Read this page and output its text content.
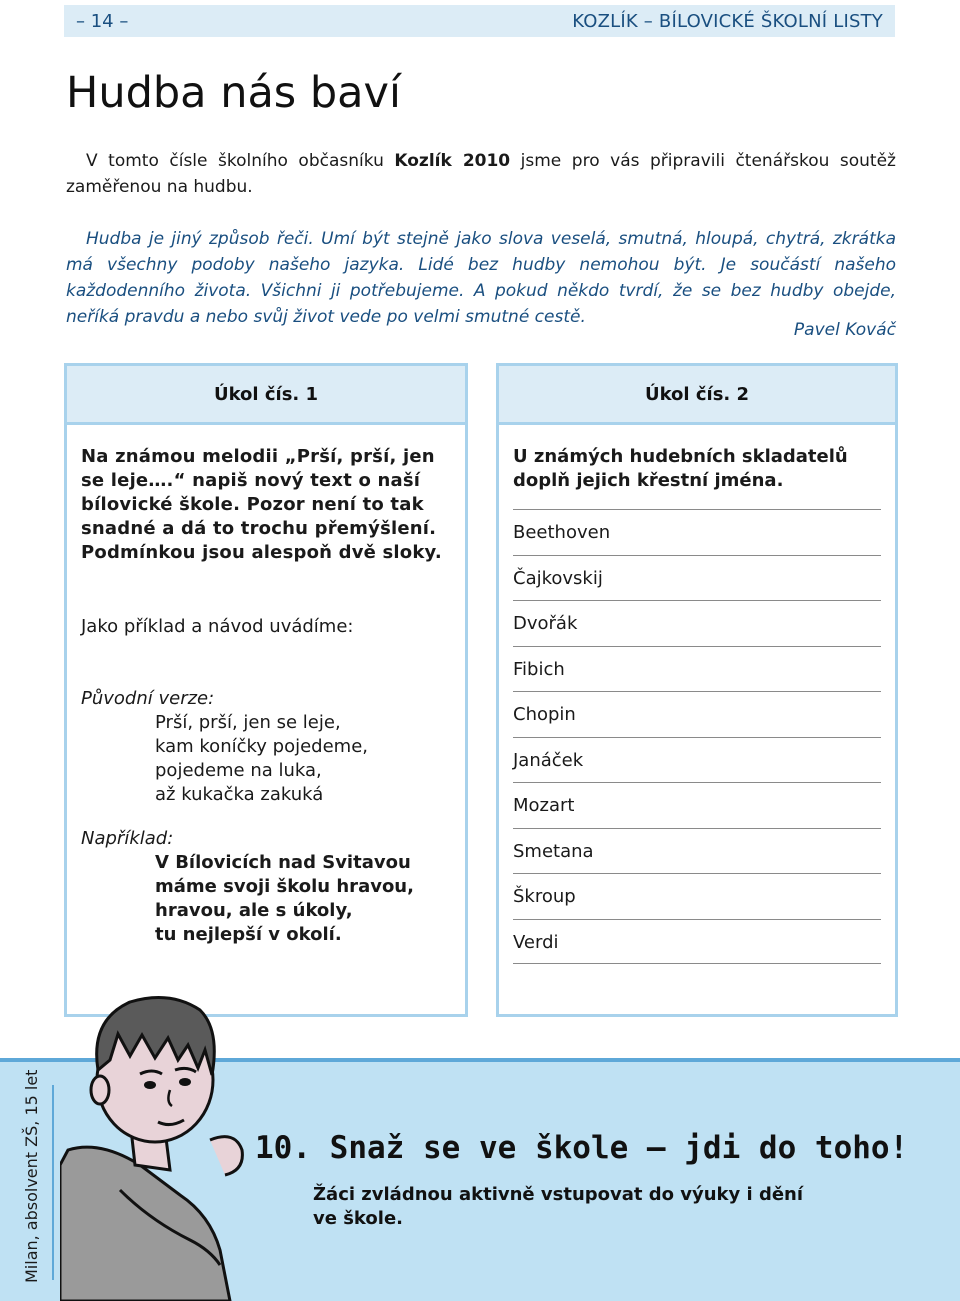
– 14 –	KOZLÍK – BÍLOVICKÉ ŠKOLNÍ LISTY
Hudba nás baví

V tomto čísle školního občasníku Kozlík 2010 jsme pro vás připravili čtenářskou soutěž zaměřenou na hudbu.

Hudba je jiný způsob řeči. Umí být stejně jako slova veselá, smutná, hloupá, chytrá, zkrátka má všechny podoby našeho jazyka. Lidé bez hudby nemohou být. Je součástí našeho každodenního života. Všichni ji potřebujeme. A pokud někdo tvrdí, že se bez hudby obejde, neříká pravdu a nebo svůj život vede po velmi smutné cestě.

Pavel Kováč
Úkol čís. 1

Na známou melodii „Prší, prší, jen se leje….“ napiš nový text o naší bílovické škole. Pozor není to tak snadné a dá to trochu přemýšlení. Podmínkou jsou alespoň dvě sloky.

Jako příklad a návod uvádíme:

Původní verze:
Prší, prší, jen se leje,
kam koníčky pojedeme,
pojedeme na luka,
až kukačka zakuká
Například:
V Bílovicích nad Svitavou
máme svoji školu hravou,
hravou, ale s úkoly,
tu nejlepší v okolí.
Úkol čís. 2

U známých hudebních skladatelů doplň jejich křestní jména.

Beethoven
Čajkovskij
Dvořák
Fibich
Chopin
Janáček
Mozart
Smetana
Škroup
Verdi
Milan, absolvent ZŠ, 15 let	10. Snaž se ve škole – jdi do toho!
Žáci zvládnou aktivně vstupovat do výuky i dění ve škole.
